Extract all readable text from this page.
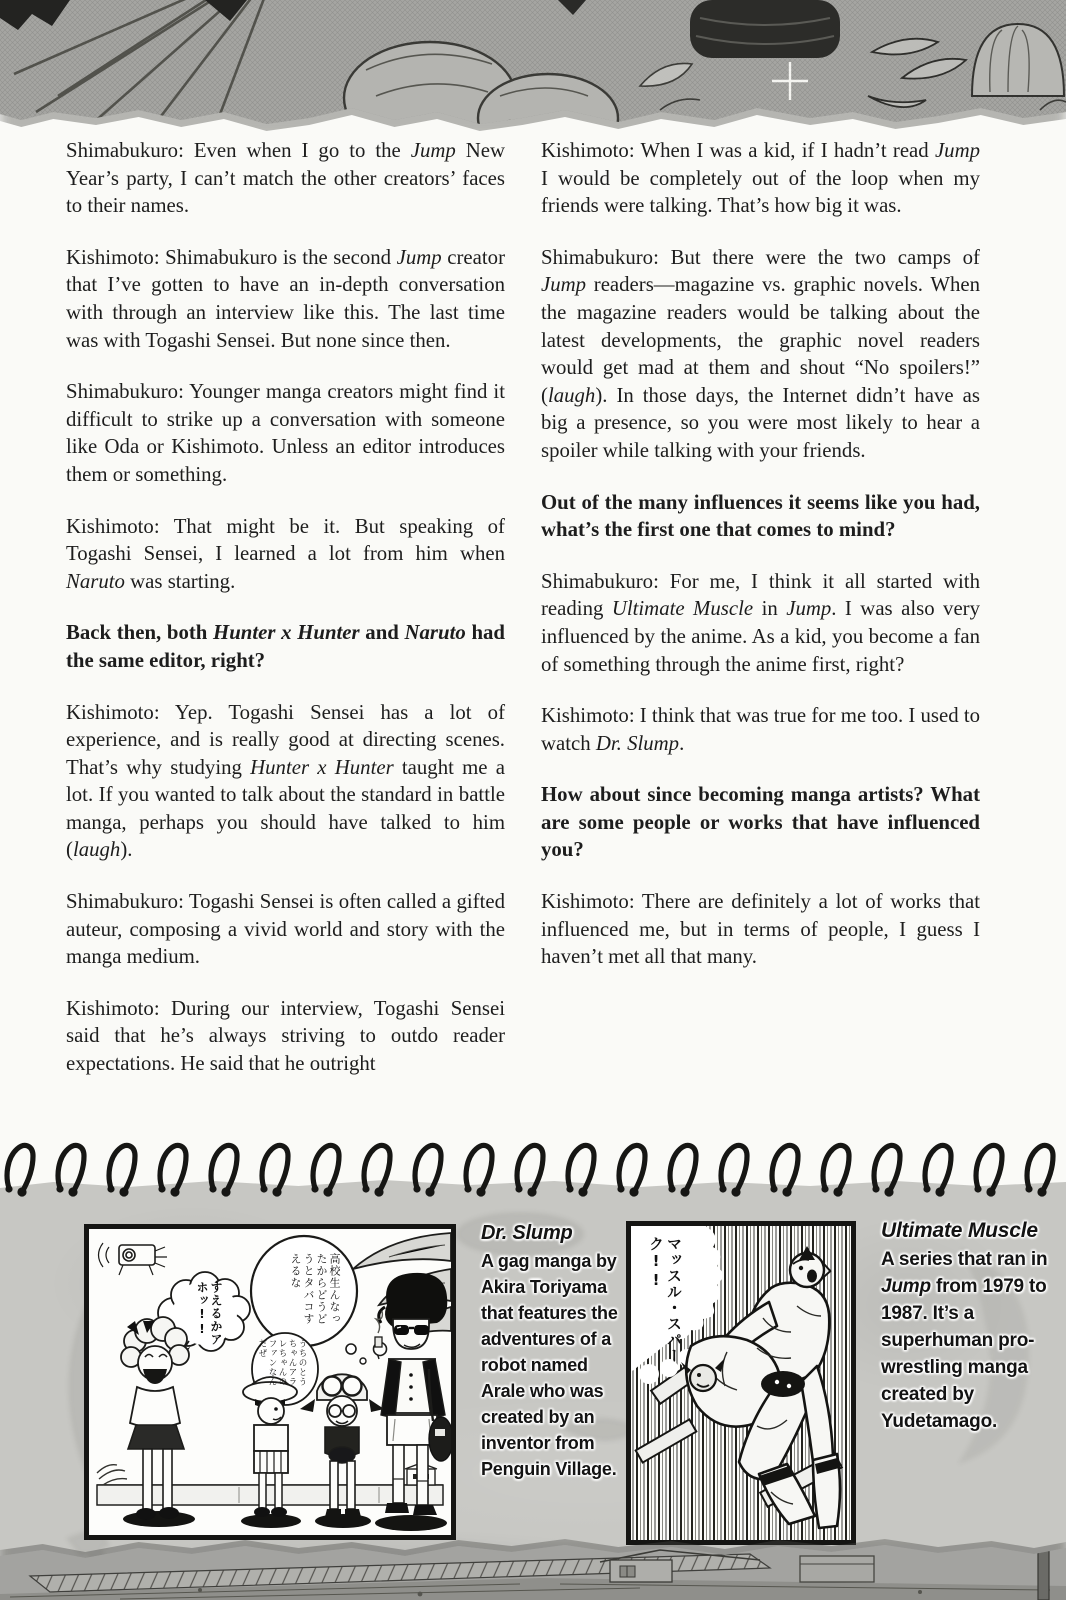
Shimabukuro: Even when I go to the Jump New Year’s party, I can’t match the other creators’ faces to their names.

Kishimoto: Shimabukuro is the second Jump creator that I’ve gotten to have an in-depth conversation with through an interview like this. The last time was with Togashi Sensei. But none since then.

Shimabukuro: Younger manga creators might find it difficult to strike up a conversation with someone like Oda or Kishimoto. Unless an editor introduces them or something.

Kishimoto: That might be it. But speaking of Togashi Sensei, I learned a lot from him when Naruto was starting.

Back then, both Hunter x Hunter and Naruto had the same editor, right?

Kishimoto: Yep. Togashi Sensei has a lot of experience, and is really good at directing scenes. That’s why studying Hunter x Hunter taught me a lot. If you wanted to talk about the standard in battle manga, perhaps you should have talked to him (laugh).

Shimabukuro: Togashi Sensei is often called a gifted auteur, composing a vivid world and story with the manga medium.

Kishimoto: During our interview, Togashi Sensei said that he’s always striving to outdo reader expectations. He said that he outright

Kishimoto: When I was a kid, if I hadn’t read Jump I would be completely out of the loop when my friends were talking. That’s how big it was.

Shimabukuro: But there were the two camps of Jump readers—magazine vs. graphic novels. When the magazine readers would be talking about the latest developments, the graphic novel readers would get mad at them and shout “No spoilers!” (laugh). In those days, the Internet didn’t have as big a presence, so you were most likely to hear a spoiler while talking with your friends.

Out of the many influences it seems like you had, what’s the first one that comes to mind?

Shimabukuro: For me, I think it all started with reading Ultimate Muscle in Jump. I was also very influenced by the anime. As a kid, you become a fan of something through the anime first, right?

Kishimoto: I think that was true for me too. I used to watch Dr. Slump.

How about since becoming manga artists? What are some people or works that have influenced you?

Kishimoto: There are definitely a lot of works that influenced me, but in terms of people, I guess I haven’t met all that many.

高校生んなったからどうどうとタバコすえるな
すえるかアホッ!!
うちのとうちゃんアラレちゃんのファンなんだぜ
Dr. Slump

A gag manga by Akira Toriyama that features the adventures of a robot named Arale who was created by an inventor from Penguin Village.

マッスル・スパーク!!
Ultimate Muscle

A series that ran in Jump from 1979 to 1987. It’s a superhuman pro-wrestling manga created by Yudetamago.
